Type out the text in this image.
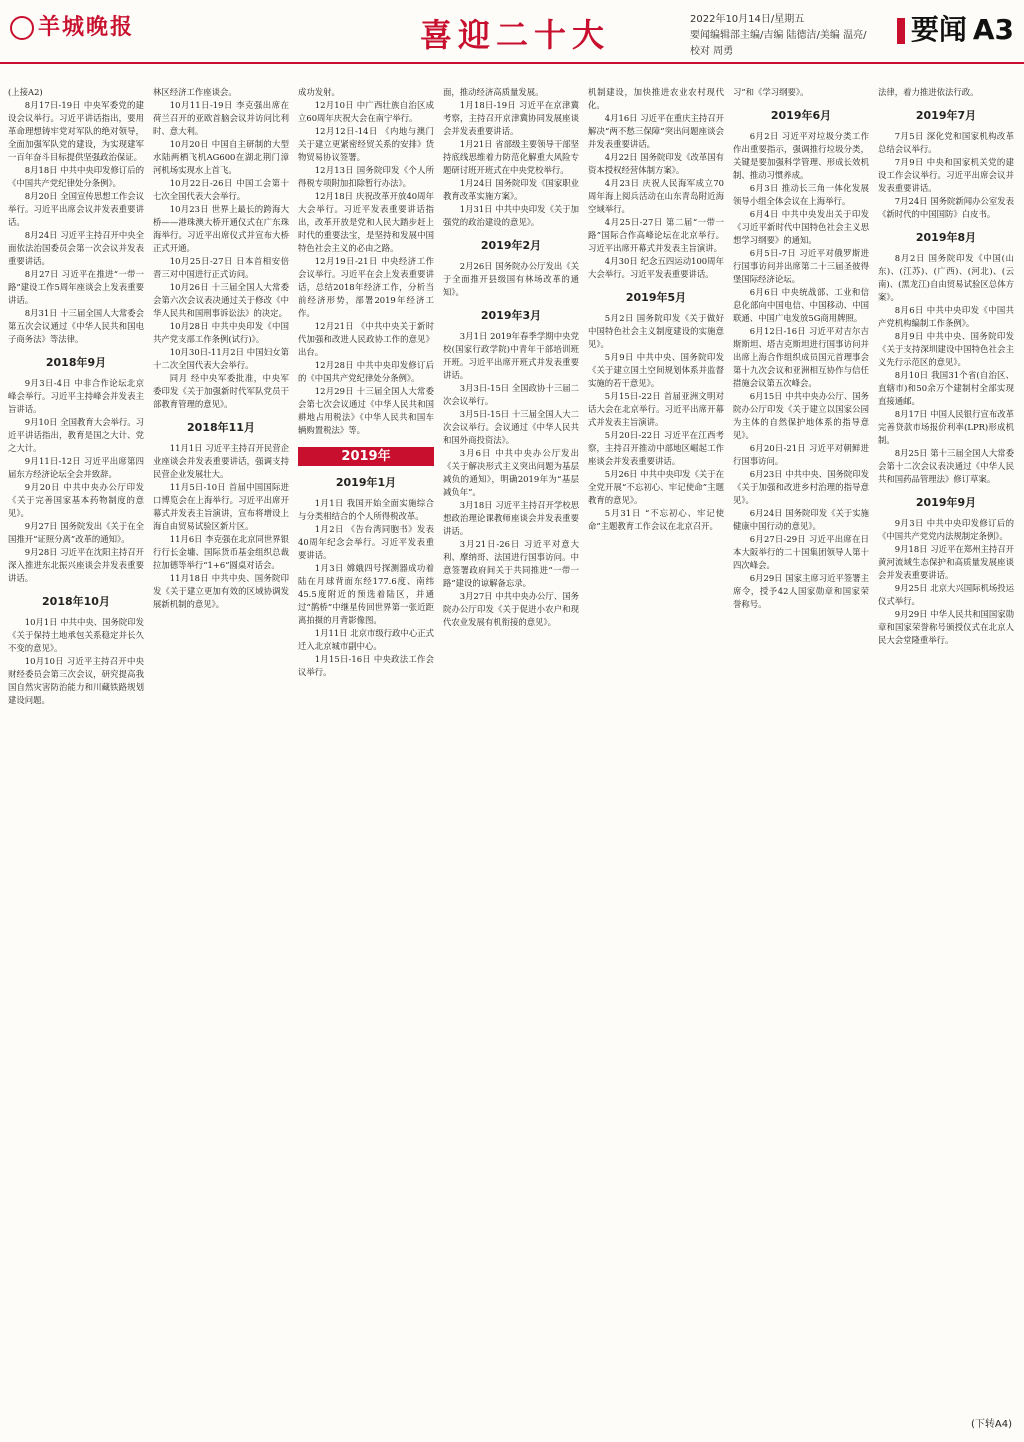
羊城晚报	喜迎二十大	2022年10月14日/星期五
要闻编辑部主编/吉编 陆德洁/美编 温亮/校对 周勇
要闻 A3

(上接A2)

8月17日-19日 中央军委党的建设会议举行。习近平讲话指出，要用革命理想铸牢党对军队的绝对领导，全面加强军队党的建设，为实现建军一百年奋斗目标提供坚强政治保证。

8月18日 中共中央印发修订后的《中国共产党纪律处分条例》。

8月20日 全国宣传思想工作会议举行。习近平出席会议并发表重要讲话。

8月24日 习近平主持召开中央全面依法治国委员会第一次会议并发表重要讲话。

8月27日 习近平在推进“一带一路”建设工作5周年座谈会上发表重要讲话。

8月31日 十三届全国人大常委会第五次会议通过《中华人民共和国电子商务法》等法律。

2018年9月

9月3日-4日 中非合作论坛北京峰会举行。习近平主持峰会并发表主旨讲话。

9月10日 全国教育大会举行。习近平讲话指出，教育是国之大计、党之大计。

9月11日-12日 习近平出席第四届东方经济论坛全会并致辞。

9月20日 中共中央办公厅印发《关于完善国家基本药物制度的意见》。

9月27日 国务院发出《关于在全国推开“证照分离”改革的通知》。

9月28日 习近平在沈阳主持召开深入推进东北振兴座谈会并发表重要讲话。

2018年10月

10月1日 中共中央、国务院印发《关于保持土地承包关系稳定并长久不变的意见》。

10月10日 习近平主持召开中央财经委员会第三次会议，研究提高我国自然灾害防治能力和川藏铁路规划建设问题。

林区经济工作座谈会。

10月11日-19日 李克强出席在荷兰召开的亚欧首脑会议并访问比利时、意大利。

10月20日 中国自主研制的大型水陆两栖飞机AG600在湖北荆门漳河机场实现水上首飞。

10月22日-26日 中国工会第十七次全国代表大会举行。

10月23日 世界上最长的跨海大桥——港珠澳大桥开通仪式在广东珠海举行。习近平出席仪式并宣布大桥正式开通。

10月25日-27日 日本首相安倍晋三对中国进行正式访问。

10月26日 十三届全国人大常委会第六次会议表决通过关于修改《中华人民共和国刑事诉讼法》的决定。

10月28日 中共中央印发《中国共产党支部工作条例(试行)》。

10月30日-11月2日 中国妇女第十二次全国代表大会举行。

同月 经中央军委批准，中央军委印发《关于加强新时代军队党员干部教育管理的意见》。

2018年11月

11月1日 习近平主持召开民营企业座谈会并发表重要讲话，强调支持民营企业发展壮大。

11月5日-10日 首届中国国际进口博览会在上海举行。习近平出席开幕式并发表主旨演讲，宣布将增设上海自由贸易试验区新片区。

11月6日 李克强在北京同世界银行行长金墉、国际货币基金组织总裁拉加德等举行“1+6”圆桌对话会。

11月18日 中共中央、国务院印发《关于建立更加有效的区域协调发展新机制的意见》。

成功发射。

12月10日 中广西壮族自治区成立60周年庆祝大会在南宁举行。

12月12日-14日 《内地与澳门关于建立更紧密经贸关系的安排》货物贸易协议签署。

12月13日 国务院印发《个人所得税专项附加扣除暂行办法》。

12月18日 庆祝改革开放40周年大会举行。习近平发表重要讲话指出，改革开放是党和人民大踏步赶上时代的重要法宝，是坚持和发展中国特色社会主义的必由之路。

12月19日-21日 中央经济工作会议举行。习近平在会上发表重要讲话，总结2018年经济工作，分析当前经济形势，部署2019年经济工作。

12月21日 《中共中央关于新时代加强和改进人民政协工作的意见》出台。

12月28日 中共中央印发修订后的《中国共产党纪律处分条例》。

12月29日 十三届全国人大常委会第七次会议通过《中华人民共和国耕地占用税法》《中华人民共和国车辆购置税法》等。

2019年

2019年1月

1月1日 我国开始全面实施综合与分类相结合的个人所得税改革。

1月2日 《告台湾同胞书》发表40周年纪念会举行。习近平发表重要讲话。

1月3日 嫦娥四号探测器成功着陆在月球背面东经177.6度、南纬45.5度附近的预选着陆区，并通过“鹊桥”中继星传回世界第一张近距离拍摄的月背影像图。

1月11日 北京市级行政中心正式迁入北京城市副中心。

1月15日-16日 中央政法工作会议举行。

面，推动经济高质量发展。

1月18日-19日 习近平在京津冀考察，主持召开京津冀协同发展座谈会并发表重要讲话。

1月21日 省部级主要领导干部坚持底线思维着力防范化解重大风险专题研讨班开班式在中央党校举行。

1月24日 国务院印发《国家职业教育改革实施方案》。

1月31日 中共中央印发《关于加强党的政治建设的意见》。

2019年2月

2月26日 国务院办公厅发出《关于全面推开县级国有林场改革的通知》。

2019年3月

3月1日 2019年春季学期中央党校(国家行政学院)中青年干部培训班开班。习近平出席开班式并发表重要讲话。

3月3日-15日 全国政协十三届二次会议举行。

3月5日-15日 十三届全国人大二次会议举行。会议通过《中华人民共和国外商投资法》。

3月6日 中共中央办公厅发出《关于解决形式主义突出问题为基层减负的通知》，明确2019年为“基层减负年”。

3月18日 习近平主持召开学校思想政治理论课教师座谈会并发表重要讲话。

3月21日-26日 习近平对意大利、摩纳哥、法国进行国事访问。中意签署政府间关于共同推进“一带一路”建设的谅解备忘录。

3月27日 中共中央办公厅、国务院办公厅印发《关于促进小农户和现代农业发展有机衔接的意见》。

机制建设，加快推进农业农村现代化。

4月16日 习近平在重庆主持召开解决“两不愁三保障”突出问题座谈会并发表重要讲话。

4月22日 国务院印发《改革国有资本授权经营体制方案》。

4月23日 庆祝人民海军成立70周年海上阅兵活动在山东青岛附近海空域举行。

4月25日-27日 第二届“一带一路”国际合作高峰论坛在北京举行。习近平出席开幕式并发表主旨演讲。

4月30日 纪念五四运动100周年大会举行。习近平发表重要讲话。

2019年5月

5月2日 国务院印发《关于做好中国特色社会主义制度建设的实施意见》。

5月9日 中共中央、国务院印发《关于建立国土空间规划体系并监督实施的若干意见》。

5月15日-22日 首届亚洲文明对话大会在北京举行。习近平出席开幕式并发表主旨演讲。

5月20日-22日 习近平在江西考察，主持召开推动中部地区崛起工作座谈会并发表重要讲话。

5月26日 中共中央印发《关于在全党开展“不忘初心、牢记使命”主题教育的意见》。

5月31日 “不忘初心、牢记使命”主题教育工作会议在北京召开。

习”和《学习纲要》。

2019年6月

6月2日 习近平对垃圾分类工作作出重要指示，强调推行垃圾分类，关键是要加强科学管理、形成长效机制、推动习惯养成。

6月3日 推动长三角一体化发展领导小组全体会议在上海举行。

6月4日 中共中央发出关于印发《习近平新时代中国特色社会主义思想学习纲要》的通知。

6月5日-7日 习近平对俄罗斯进行国事访问并出席第二十三届圣彼得堡国际经济论坛。

6月6日 中央统战部、工业和信息化部向中国电信、中国移动、中国联通、中国广电发放5G商用牌照。

6月12日-16日 习近平对吉尔吉斯斯坦、塔吉克斯坦进行国事访问并出席上海合作组织成员国元首理事会第十九次会议和亚洲相互协作与信任措施会议第五次峰会。

6月15日 中共中央办公厅、国务院办公厅印发《关于建立以国家公园为主体的自然保护地体系的指导意见》。

6月20日-21日 习近平对朝鲜进行国事访问。

6月23日 中共中央、国务院印发《关于加强和改进乡村治理的指导意见》。

6月24日 国务院印发《关于实施健康中国行动的意见》。

6月27日-29日 习近平出席在日本大阪举行的二十国集团领导人第十四次峰会。

6月29日 国家主席习近平签署主席令，授予42人国家勋章和国家荣誉称号。

法律，着力推进依法行政。

2019年7月

7月5日 深化党和国家机构改革总结会议举行。

7月9日 中央和国家机关党的建设工作会议举行。习近平出席会议并发表重要讲话。

7月24日 国务院新闻办公室发表《新时代的中国国防》白皮书。

2019年8月

8月2日 国务院印发《中国(山东)、(江苏)、(广西)、(河北)、(云南)、(黑龙江)自由贸易试验区总体方案》。

8月6日 中共中央印发《中国共产党机构编制工作条例》。

8月9日 中共中央、国务院印发《关于支持深圳建设中国特色社会主义先行示范区的意见》。

8月10日 我国31个省(自治区、直辖市)和50余万个建制村全部实现直接通邮。

8月17日 中国人民银行宣布改革完善贷款市场报价利率(LPR)形成机制。

8月25日 第十三届全国人大常委会第十二次会议表决通过《中华人民共和国药品管理法》修订草案。

2019年9月

9月3日 中共中央印发修订后的《中国共产党党内法规制定条例》。

9月18日 习近平在郑州主持召开黄河流域生态保护和高质量发展座谈会并发表重要讲话。

9月25日 北京大兴国际机场投运仪式举行。

9月29日 中华人民共和国国家勋章和国家荣誉称号颁授仪式在北京人民大会堂隆重举行。

(下转A4)
